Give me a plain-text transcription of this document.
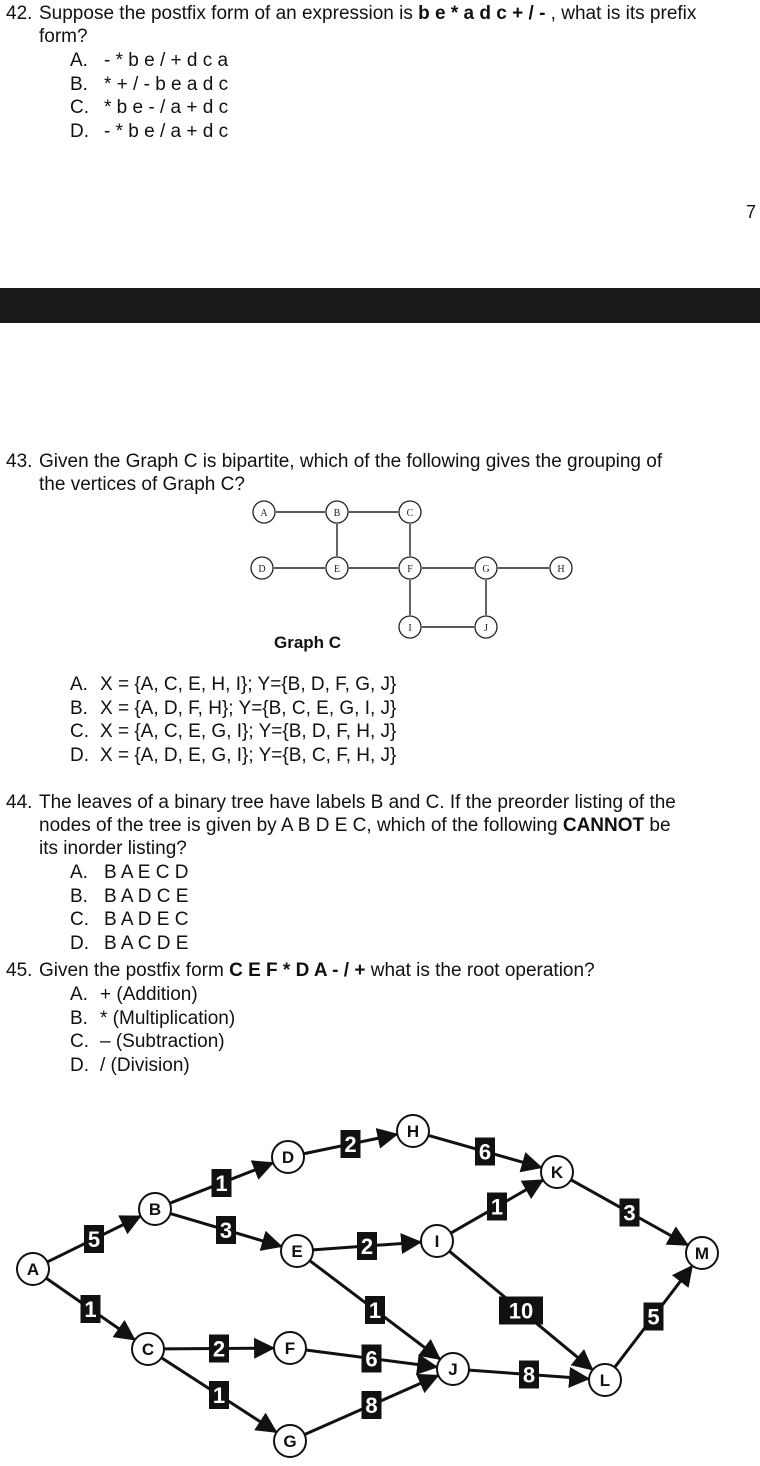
42. Suppose the postfix form of an expression is b e * a d c + / - , what is its prefix
form?
A. - * b e / + d c a
B. * + / - b e a d c
C. * b e - / a + d c
D. - * b e / a + d c
7
43. Given the Graph C is bipartite, which of the following gives the grouping of
the vertices of Graph C?
A	B	C
D	E	F	G	H
I	J
Graph C
A. X = {A, C, E, H, I}; Y={B, D, F, G, J}
B. X = {A, D, F, H}; Y={B, C, E, G, I, J}
C. X = {A, C, E, G, I}; Y={B, D, F, H, J}
D. X = {A, D, E, G, I}; Y={B, C, F, H, J}
44. The leaves of a binary tree have labels B and C. If the preorder listing of the
nodes of the tree is given by A B D E C, which of the following CANNOT be
its inorder listing?
A. B A E C D
B. B A D C E
C. B A D E C
D. B A C D E
45. Given the postfix form C E F * D A - / + what is the root operation?
A. + (Addition)
B. * (Multiplication)
C. – (Subtraction)
D. / (Division)
A
B
C
D
E
F
G
H
I
J
K
L
M
5
1
1
3
2
2
1
2
1
6
8
6
1
10
8
3
5
